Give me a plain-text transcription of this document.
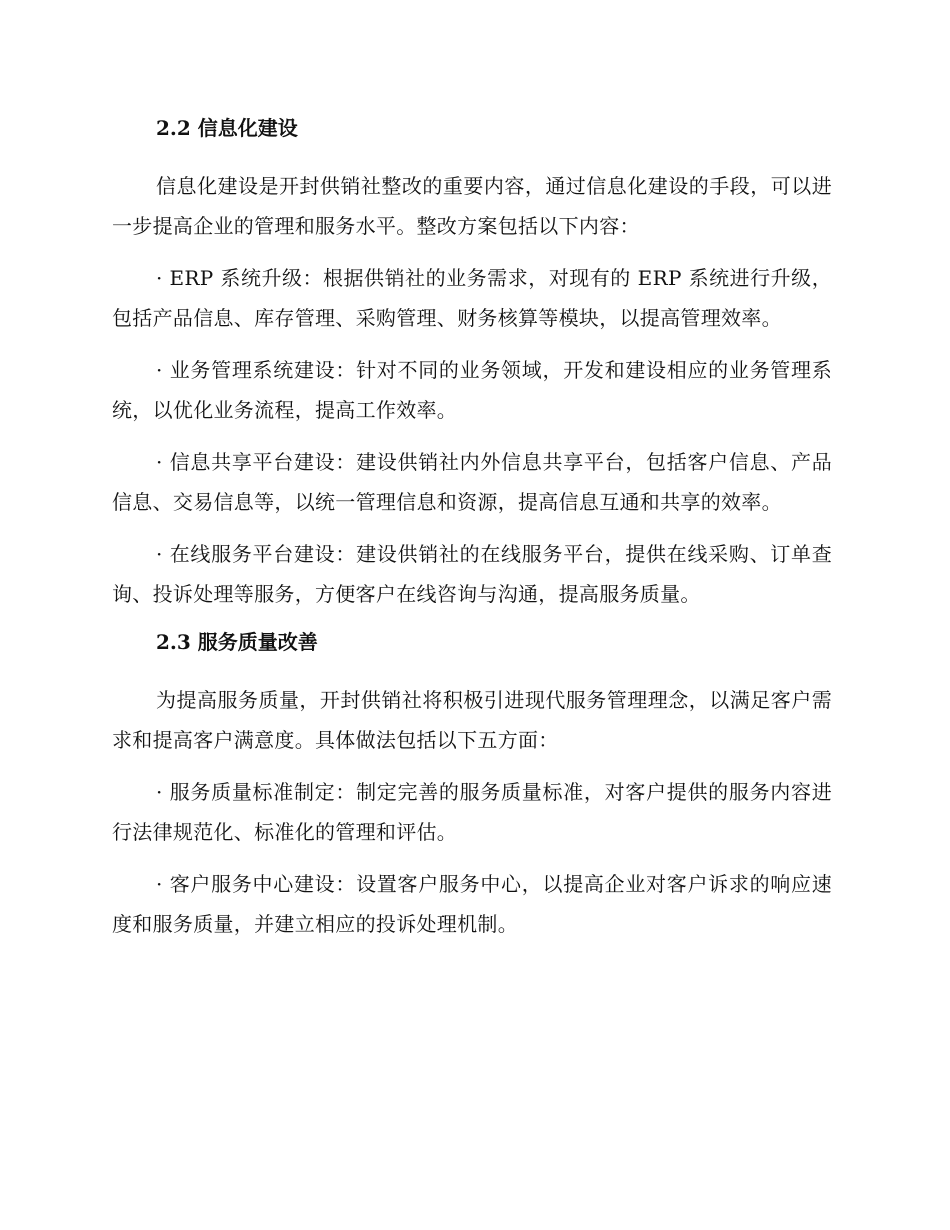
2.2 信息化建设

信息化建设是开封供销社整改的重要内容，通过信息化建设的手段，可以进一步提高企业的管理和服务水平。整改方案包括以下内容：

· ERP 系统升级：根据供销社的业务需求，对现有的 ERP 系统进行升级，包括产品信息、库存管理、采购管理、财务核算等模块，以提高管理效率。

· 业务管理系统建设：针对不同的业务领域，开发和建设相应的业务管理系统，以优化业务流程，提高工作效率。

· 信息共享平台建设：建设供销社内外信息共享平台，包括客户信息、产品信息、交易信息等，以统一管理信息和资源，提高信息互通和共享的效率。

· 在线服务平台建设：建设供销社的在线服务平台，提供在线采购、订单查询、投诉处理等服务，方便客户在线咨询与沟通，提高服务质量。

2.3 服务质量改善

为提高服务质量，开封供销社将积极引进现代服务管理理念，以满足客户需求和提高客户满意度。具体做法包括以下五方面：

· 服务质量标准制定：制定完善的服务质量标准，对客户提供的服务内容进行法律规范化、标准化的管理和评估。

· 客户服务中心建设：设置客户服务中心，以提高企业对客户诉求的响应速度和服务质量，并建立相应的投诉处理机制。
